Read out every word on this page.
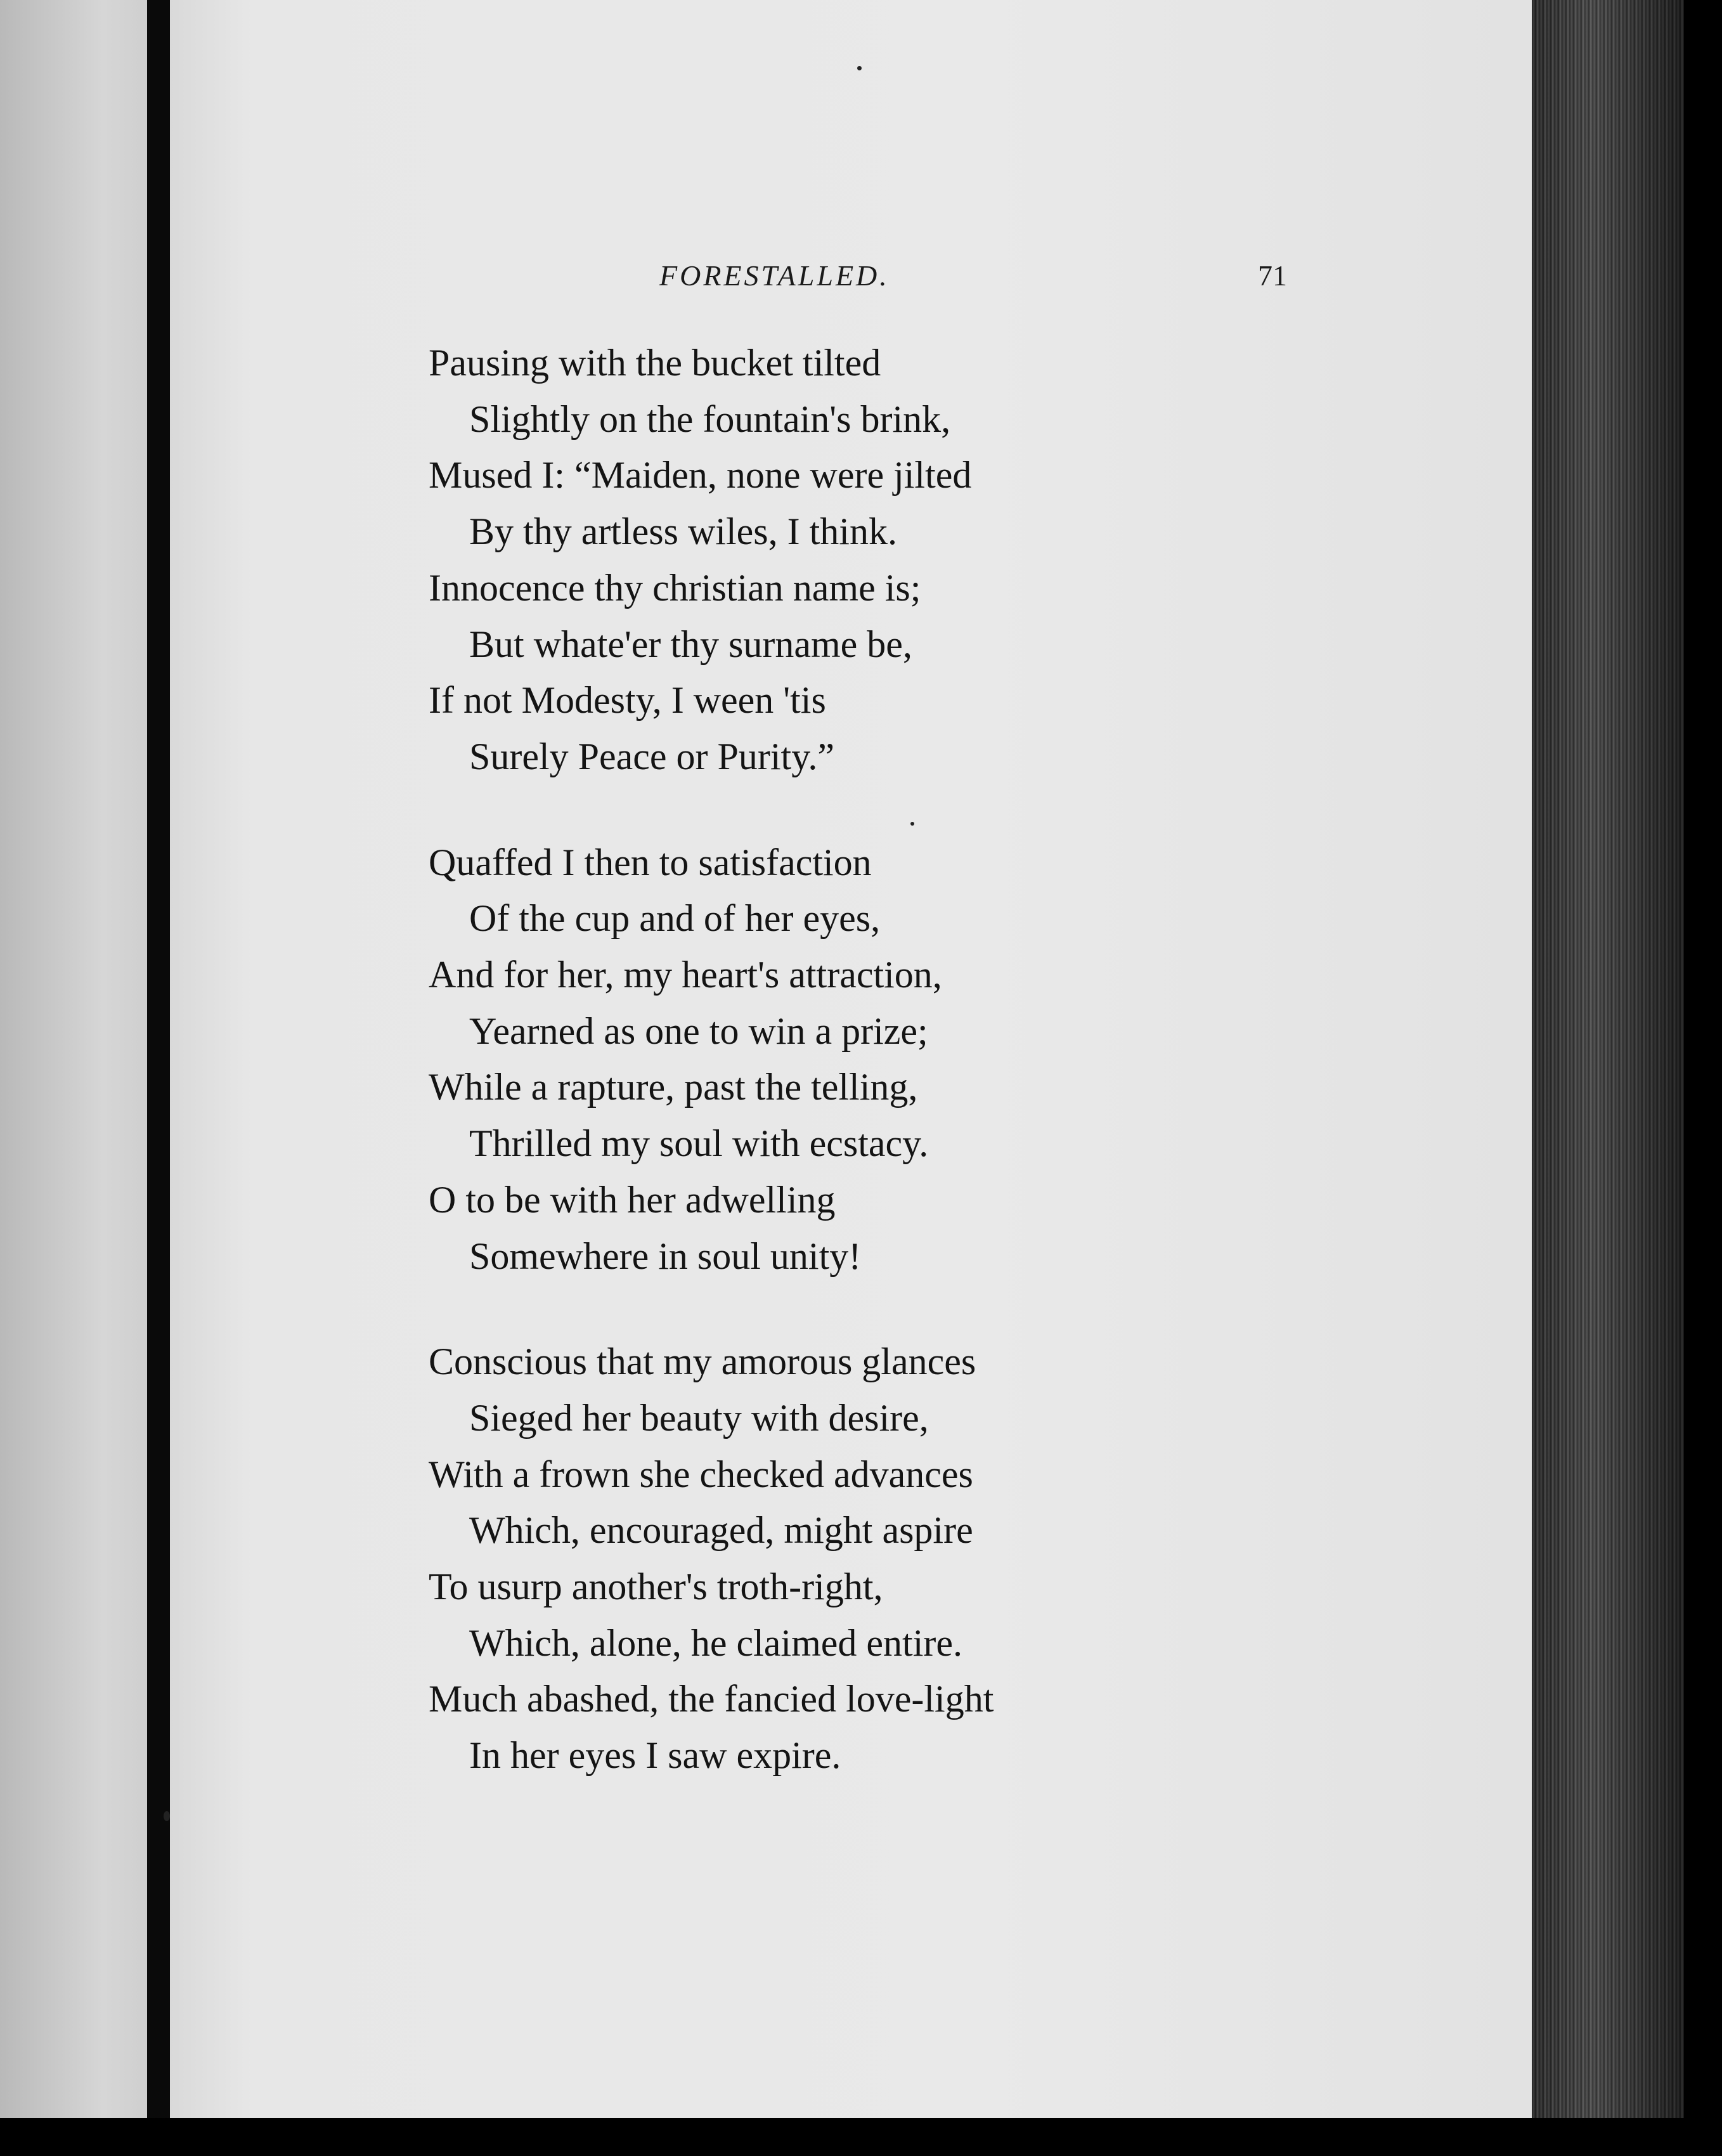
FORESTALLED.	71
Pausing with the bucket tilted
Slightly on the fountain's brink,
Mused I: “Maiden, none were jilted
By thy artless wiles, I think.
Innocence thy christian name is;
But whate'er thy surname be,
If not Modesty, I ween 'tis
Surely Peace or Purity.”
Quaffed I then to satisfaction
Of the cup and of her eyes,
And for her, my heart's attraction,
Yearned as one to win a prize;
While a rapture, past the telling,
Thrilled my soul with ecstacy.
O to be with her adwelling
Somewhere in soul unity!
Conscious that my amorous glances
Sieged her beauty with desire,
With a frown she checked advances
Which, encouraged, might aspire
To usurp another's troth-right,
Which, alone, he claimed entire.
Much abashed, the fancied love-light
In her eyes I saw expire.
